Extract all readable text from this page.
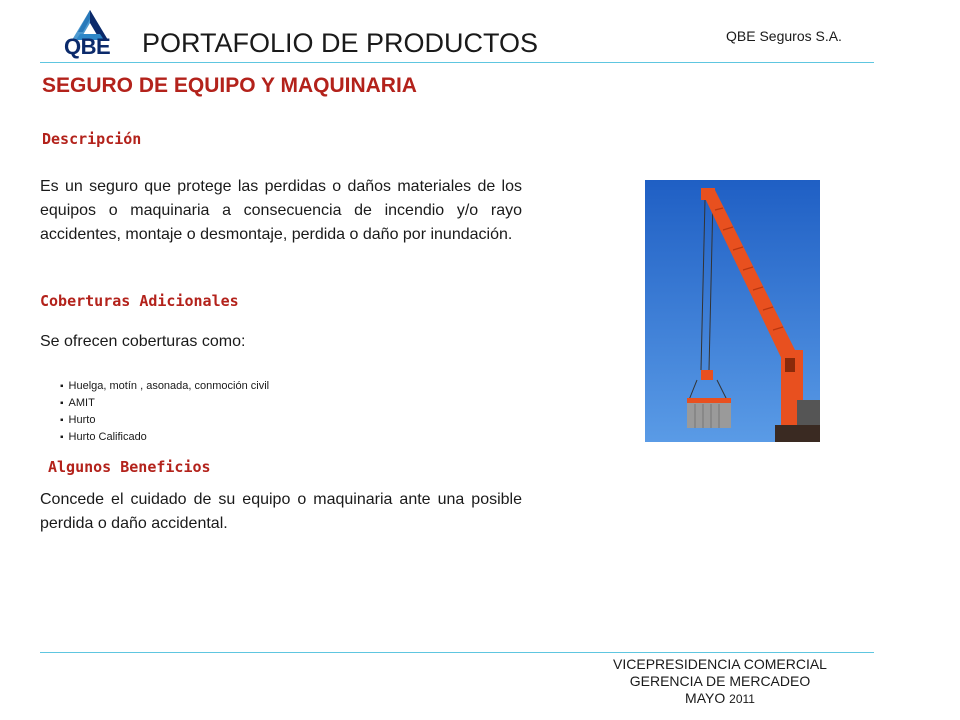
QBE PORTAFOLIO DE PRODUCTOS	QBE Seguros S.A.
SEGURO DE EQUIPO Y MAQUINARIA
Descripción
Es un seguro que protege las perdidas o daños materiales de los equipos o maquinaria a consecuencia de incendio y/o rayo accidentes, montaje o desmontaje, perdida o daño por inundación.
Coberturas Adicionales
Se ofrecen coberturas como:
▪ Huelga, motín , asonada, conmoción civil
▪ AMIT
▪ Hurto
▪ Hurto Calificado
Algunos Beneficios
Concede el cuidado de su equipo o maquinaria ante una posible perdida o daño accidental.
VICEPRESIDENCIA COMERCIAL
GERENCIA DE MERCADEO
MAYO 2011
